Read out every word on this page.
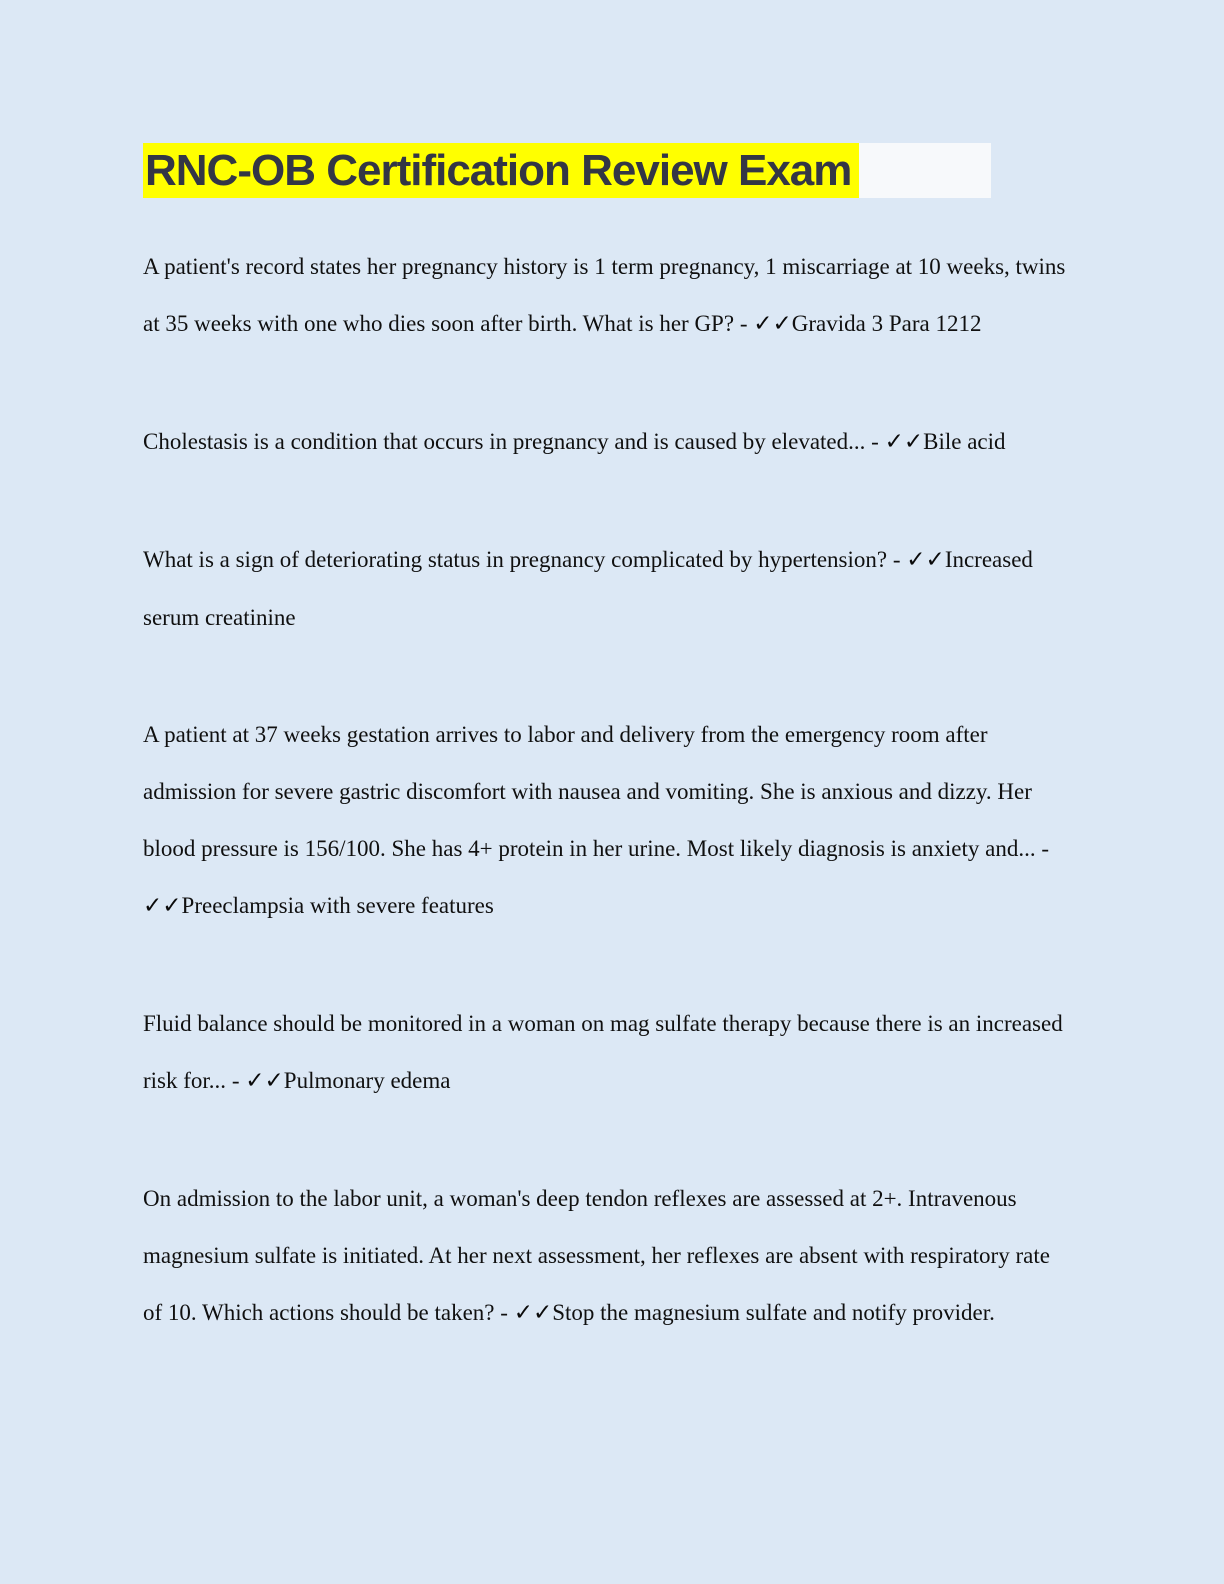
RNC-OB Certification Review Exam

A patient's record states her pregnancy history is 1 term pregnancy, 1 miscarriage at 10 weeks, twins at 35 weeks with one who dies soon after birth. What is her GP? - ✓✓Gravida 3 Para 1212

Cholestasis is a condition that occurs in pregnancy and is caused by elevated... - ✓✓Bile acid

What is a sign of deteriorating status in pregnancy complicated by hypertension? - ✓✓Increased serum creatinine

A patient at 37 weeks gestation arrives to labor and delivery from the emergency room after admission for severe gastric discomfort with nausea and vomiting. She is anxious and dizzy. Her blood pressure is 156/100. She has 4+ protein in her urine. Most likely diagnosis is anxiety and... - ✓✓Preeclampsia with severe features

Fluid balance should be monitored in a woman on mag sulfate therapy because there is an increased risk for... - ✓✓Pulmonary edema

On admission to the labor unit, a woman's deep tendon reflexes are assessed at 2+. Intravenous magnesium sulfate is initiated. At her next assessment, her reflexes are absent with respiratory rate of 10. Which actions should be taken? - ✓✓Stop the magnesium sulfate and notify provider.
